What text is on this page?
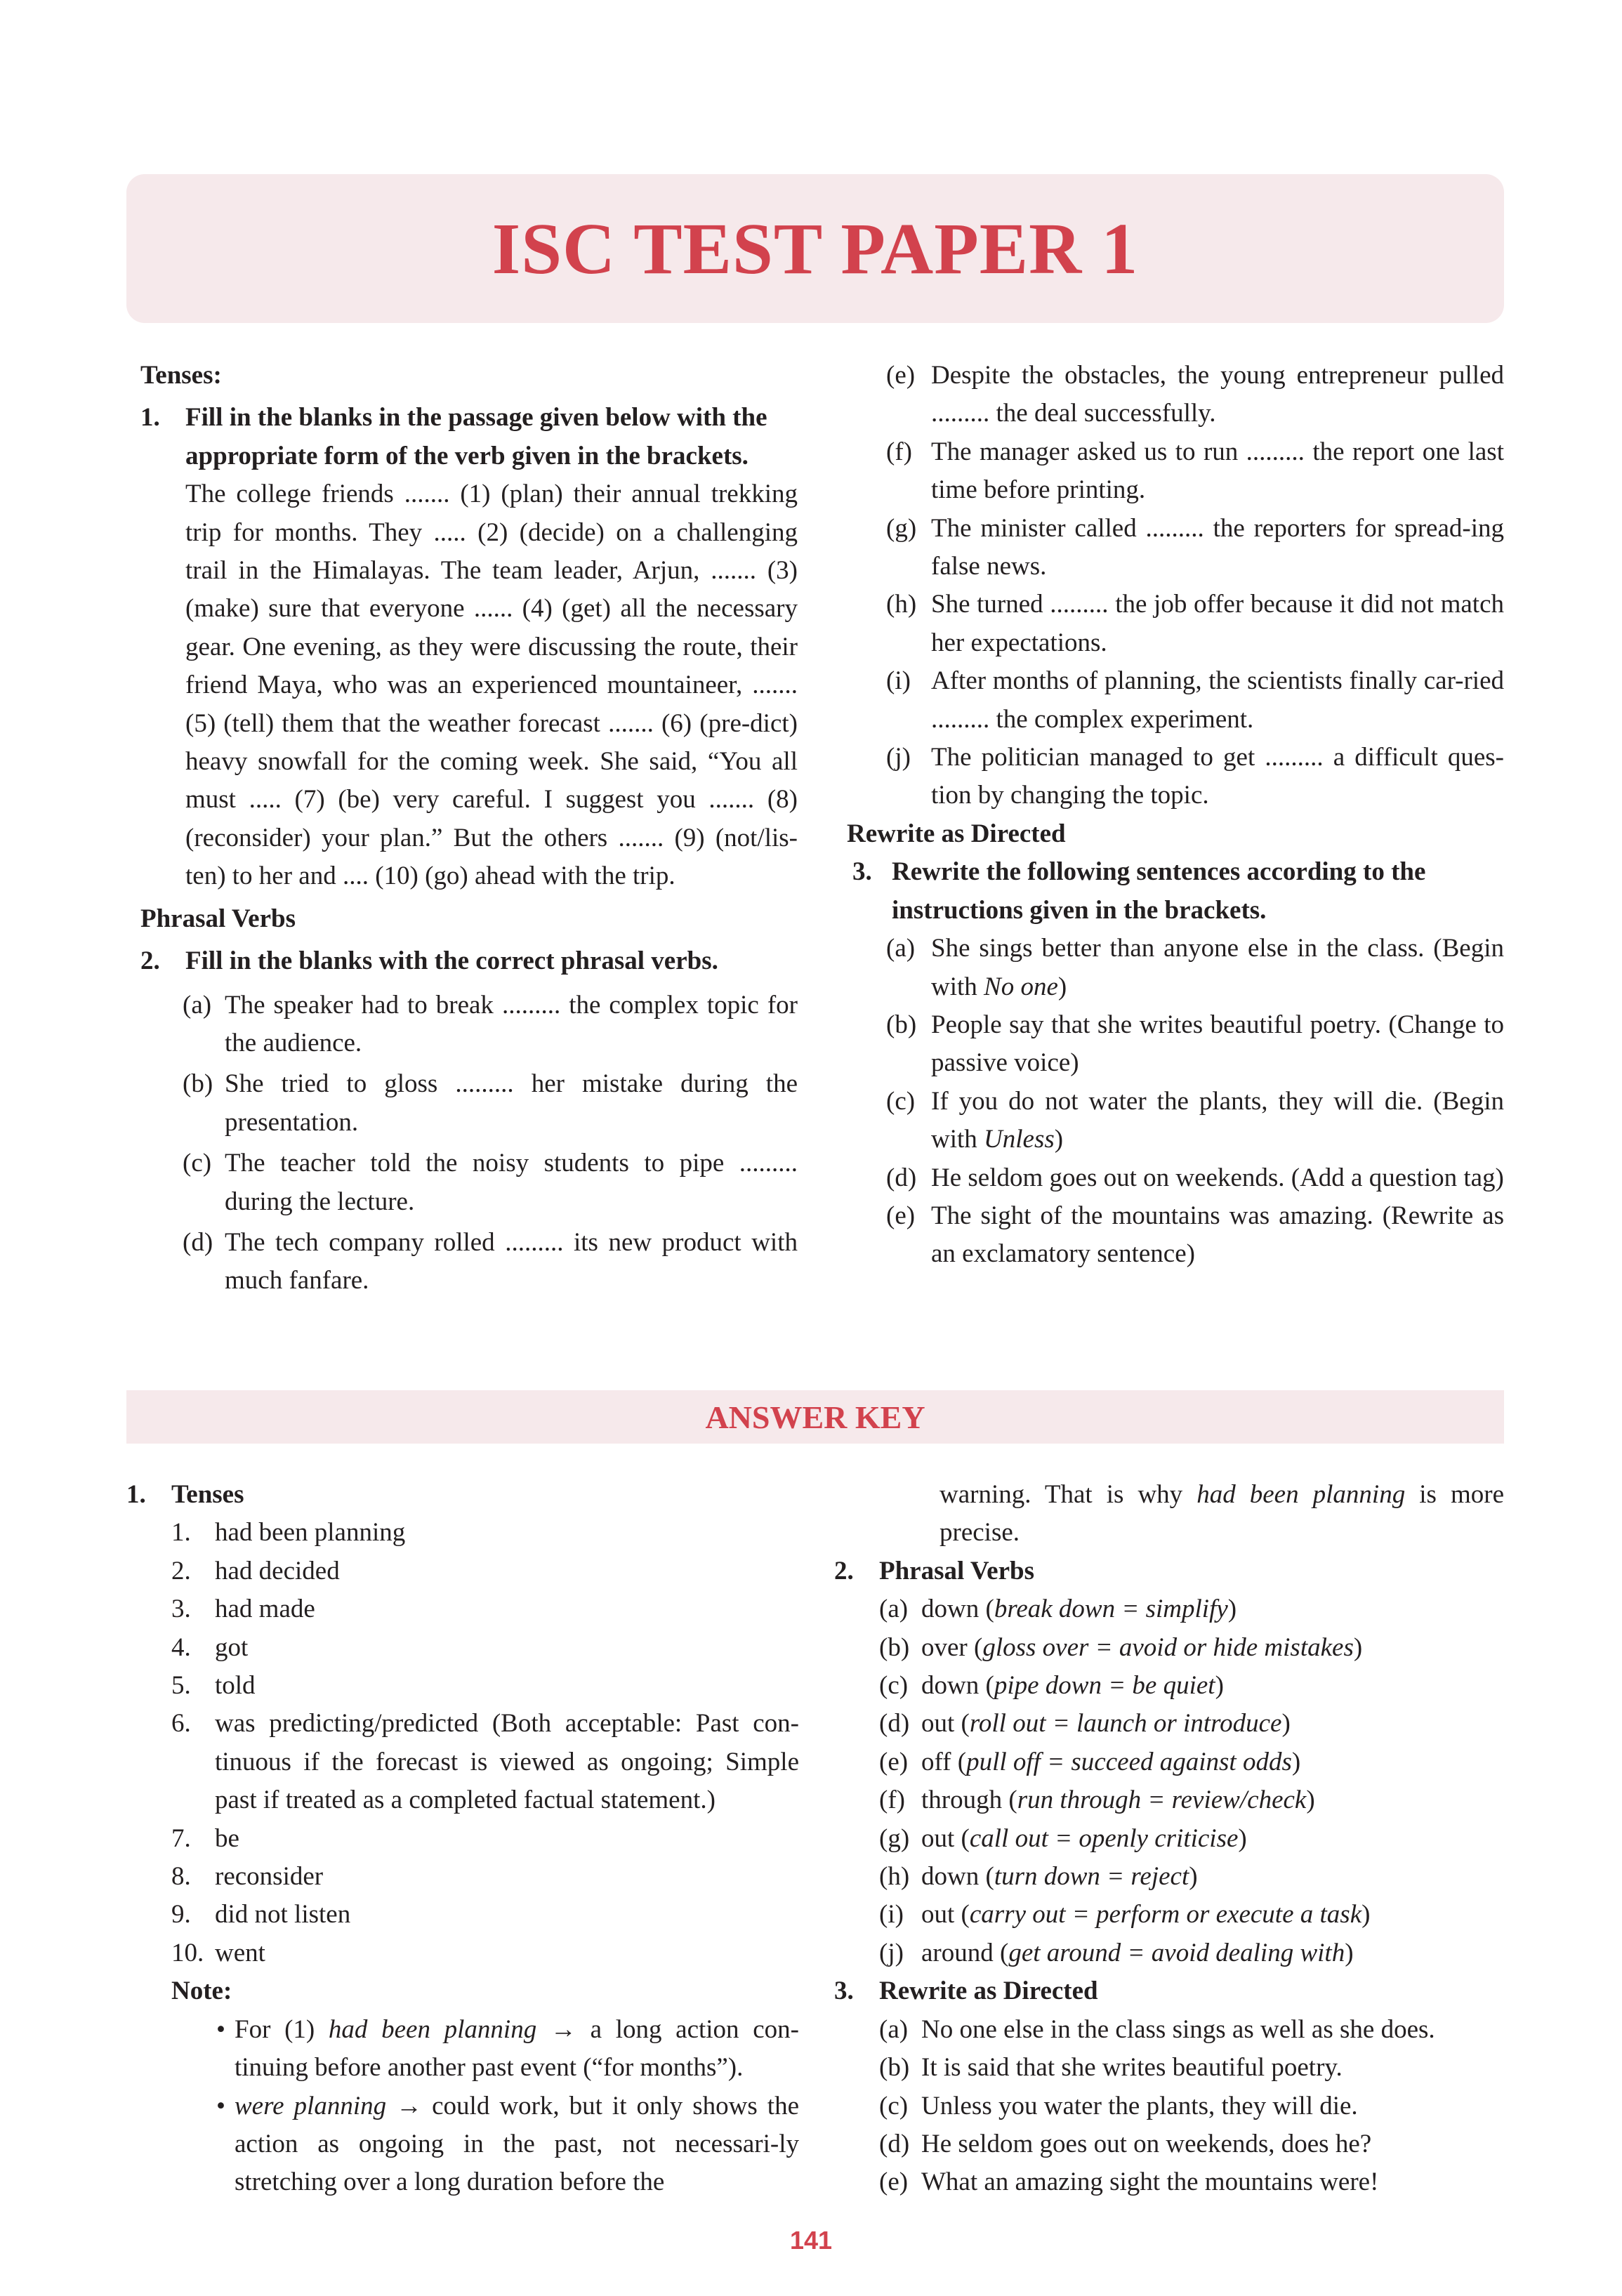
ISC TEST PAPER 1
Tenses:
1. Fill in the blanks in the passage given below with the appropriate form of the verb given in the brackets.
The college friends ....... (1) (plan) their annual trekking trip for months. They ..... (2) (decide) on a challenging trail in the Himalayas. The team leader, Arjun, ....... (3) (make) sure that everyone ...... (4) (get) all the necessary gear. One evening, as they were discussing the route, their friend Maya, who was an experienced mountaineer, ....... (5) (tell) them that the weather forecast ....... (6) (pre-dict) heavy snowfall for the coming week. She said, “You all must ..... (7) (be) very careful. I suggest you ....... (8) (reconsider) your plan.” But the others ....... (9) (not/lis-ten) to her and .... (10) (go) ahead with the trip.
Phrasal Verbs
2. Fill in the blanks with the correct phrasal verbs.
(a) The speaker had to break ......... the complex topic for the audience.
(b) She tried to gloss ......... her mistake during the presentation.
(c) The teacher told the noisy students to pipe ......... during the lecture.
(d) The tech company rolled ......... its new product with much fanfare.
(e) Despite the obstacles, the young entrepreneur pulled ......... the deal successfully.
(f) The manager asked us to run ......... the report one last time before printing.
(g) The minister called ......... the reporters for spread-ing false news.
(h) She turned ......... the job offer because it did not match her expectations.
(i) After months of planning, the scientists finally car-ried ......... the complex experiment.
(j) The politician managed to get ......... a difficult ques-tion by changing the topic.
Rewrite as Directed
3. Rewrite the following sentences according to the instructions given in the brackets.
(a) She sings better than anyone else in the class. (Begin with No one)
(b) People say that she writes beautiful poetry. (Change to passive voice)
(c) If you do not water the plants, they will die. (Begin with Unless)
(d) He seldom goes out on weekends. (Add a question tag)
(e) The sight of the mountains was amazing. (Rewrite as an exclamatory sentence)
ANSWER KEY
1. Tenses
1. had been planning
2. had decided
3. had made
4. got
5. told
6. was predicting/predicted (Both acceptable: Past con-tinuous if the forecast is viewed as ongoing; Simple past if treated as a completed factual statement.)
7. be
8. reconsider
9. did not listen
10. went
Note:
• For (1) had been planning → a long action con-tinuing before another past event (“for months”).
• were planning → could work, but it only shows the action as ongoing in the past, not necessari-ly stretching over a long duration before the
warning. That is why had been planning is more precise.
2. Phrasal Verbs
(a) down (break down = simplify)
(b) over (gloss over = avoid or hide mistakes)
(c) down (pipe down = be quiet)
(d) out (roll out = launch or introduce)
(e) off (pull off = succeed against odds)
(f) through (run through = review/check)
(g) out (call out = openly criticise)
(h) down (turn down = reject)
(i) out (carry out = perform or execute a task)
(j) around (get around = avoid dealing with)
3. Rewrite as Directed
(a) No one else in the class sings as well as she does.
(b) It is said that she writes beautiful poetry.
(c) Unless you water the plants, they will die.
(d) He seldom goes out on weekends, does he?
(e) What an amazing sight the mountains were!
141
